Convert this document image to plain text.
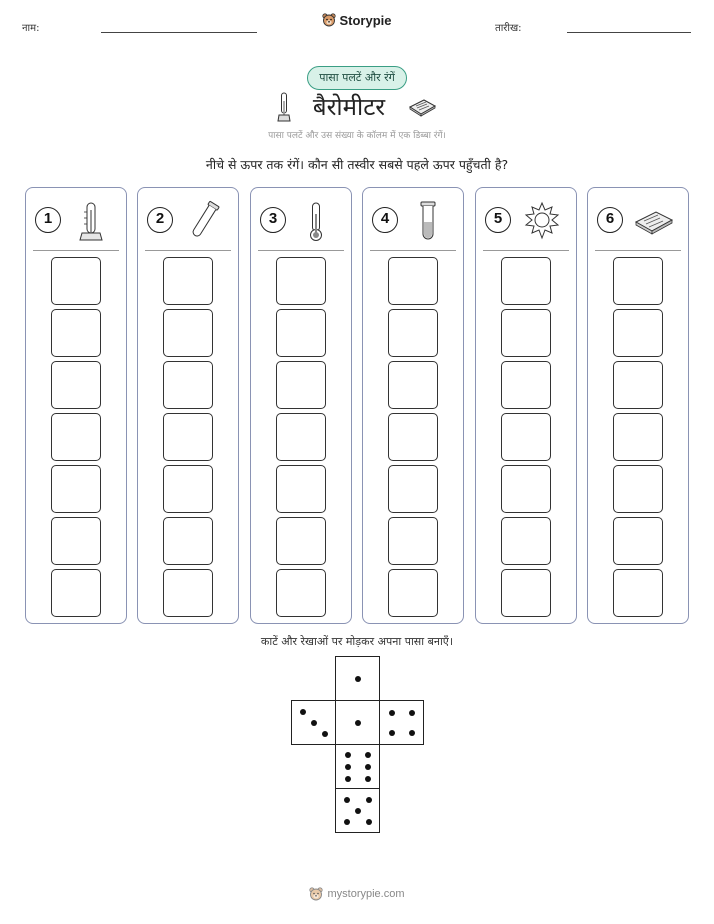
नाम:
Storypie
तारीख:
पासा पलटें और रंगें
बैरोमीटर
पासा पलटें और उस संख्या के कॉलम में एक डिब्बा रंगें।
नीचे से ऊपर तक रंगें। कौन सी तस्वीर सबसे पहले ऊपर पहुँचती है?
1	2	3	4	5	6
काटें और रेखाओं पर मोड़कर अपना पासा बनाएँ।
mystorypie.com
